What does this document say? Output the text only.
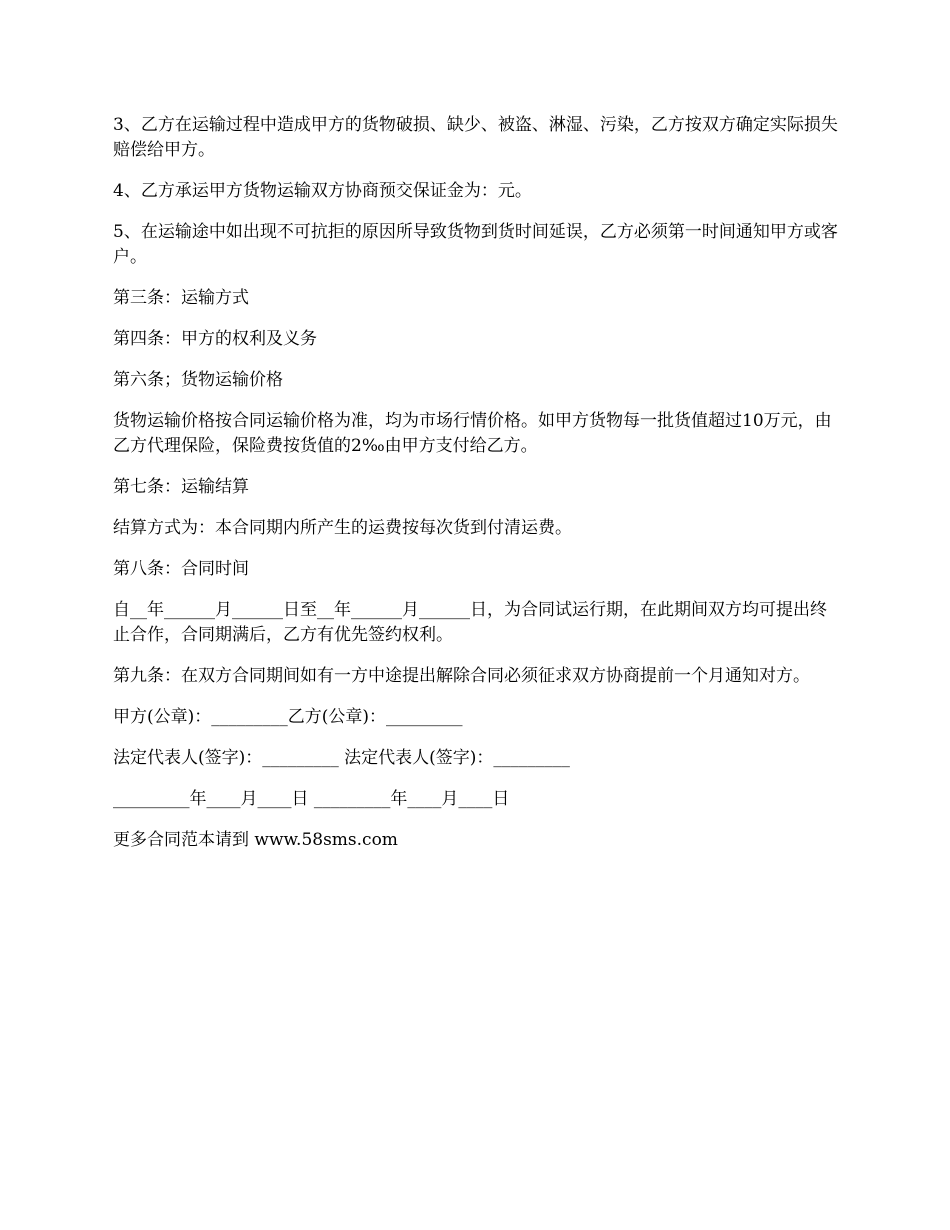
3、乙方在运输过程中造成甲方的货物破损、缺少、被盗、淋湿、污染，乙方按双方确定实际损失赔偿给甲方。

4、乙方承运甲方货物运输双方协商预交保证金为：元。

5、在运输途中如出现不可抗拒的原因所导致货物到货时间延误，乙方必须第一时间通知甲方或客户。

第三条：运输方式

第四条：甲方的权利及义务

第六条；货物运输价格

货物运输价格按合同运输价格为准，均为市场行情价格。如甲方货物每一批货值超过10万元，由乙方代理保险，保险费按货值的2‰由甲方支付给乙方。

第七条：运输结算

结算方式为：本合同期内所产生的运费按每次货到付清运费。

第八条：合同时间

自__年______月______日至__年______月______日，为合同试运行期，在此期间双方均可提出终止合作，合同期满后，乙方有优先签约权利。

第九条：在双方合同期间如有一方中途提出解除合同必须征求双方协商提前一个月通知对方。

甲方(公章)：_________乙方(公章)：_________

法定代表人(签字)：_________ 法定代表人(签字)：_________

_________年____月____日 _________年____月____日

更多合同范本请到 www.58sms.com
